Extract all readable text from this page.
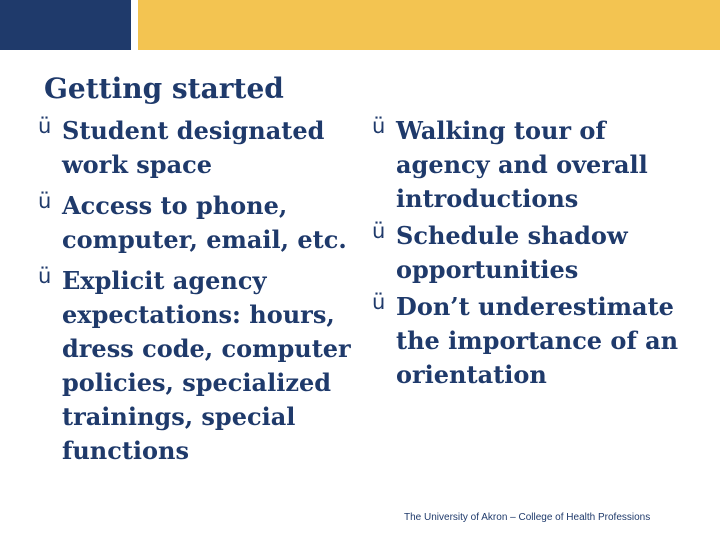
Getting started
ü Student designated
work space
ü Access to phone,
computer, email, etc.
ü Explicit agency
expectations: hours,
dress code, computer
policies, specialized
trainings, special
functions
ü Walking tour of
agency and overall
introductions
ü Schedule shadow
opportunities
ü Don’t underestimate
the importance of an
orientation
The University of Akron – College of Health Professions
